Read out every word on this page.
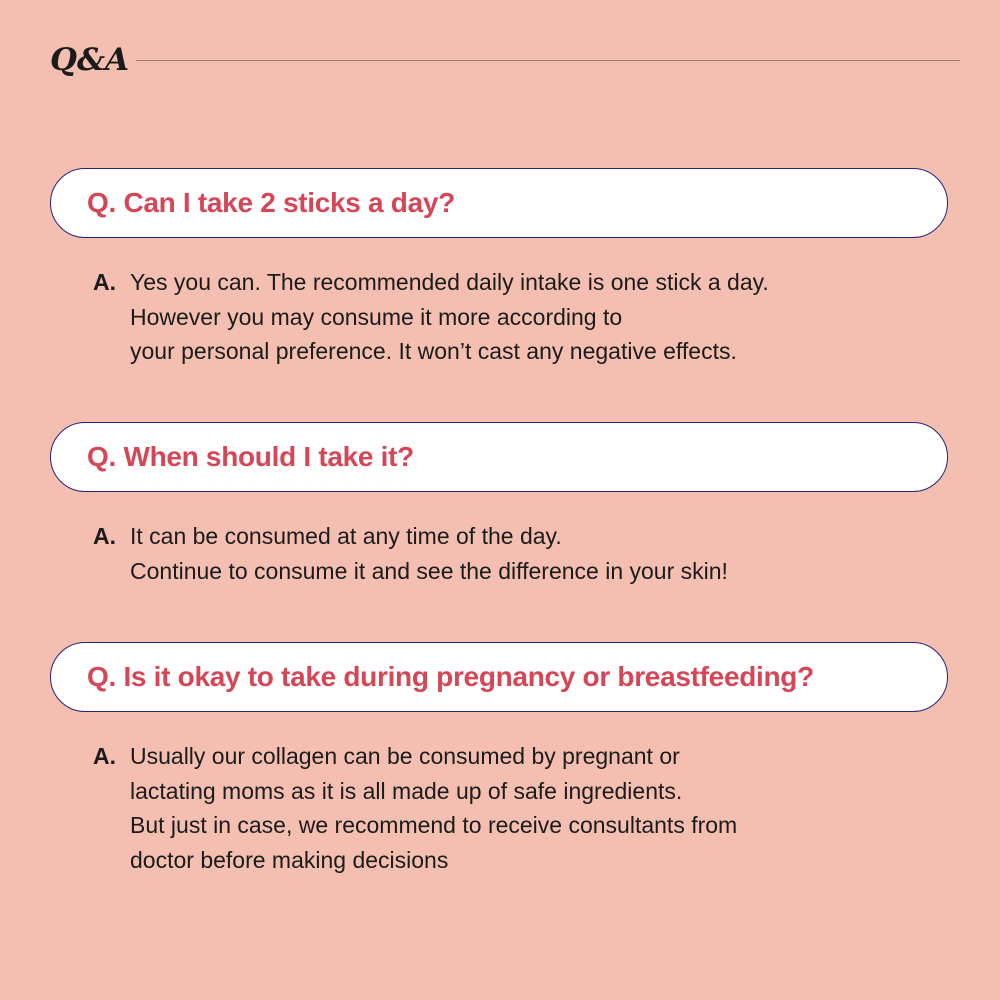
Q&A
Q. Can I take 2 sticks a day?
A. Yes you can. The recommended daily intake is one stick a day.
However you may consume it more according to
your personal preference. It won’t cast any negative effects.
Q. When should I take it?
A. It can be consumed at any time of the day.
Continue to consume it and see the difference in your skin!
Q. Is it okay to take during pregnancy or breastfeeding?
A. Usually our collagen can be consumed by pregnant or
lactating moms as it is all made up of safe ingredients.
But just in case, we recommend to receive consultants from
doctor before making decisions
